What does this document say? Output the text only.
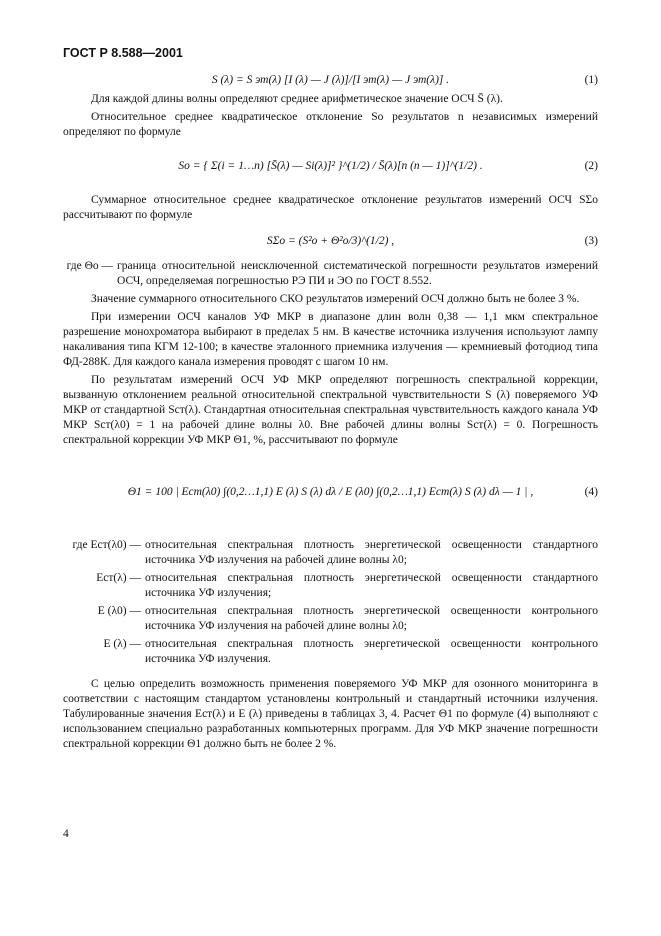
ГОСТ Р 8.588—2001
S (λ) = S эт(λ) [I (λ) — J (λ)]/[I эт(λ) — J эт(λ)] .	(1)

Для каждой длины волны определяют среднее арифметическое значение ОСЧ S̄ (λ).

Относительное среднее квадратическое отклонение Sо результатов n независимых измерений определяют по формуле

Sо = { Σ(i = 1…n) [S̄(λ) — Si(λ)]² }^(1/2) / S̄(λ)[n (n — 1)]^(1/2) .	(2)

Суммарное относительное среднее квадратическое отклонение результатов измерений ОСЧ SΣо рассчитывают по формуле

SΣо = (S²о + Θ²о/3)^(1/2) ,	(3)
где Θо — граница относительной неисключенной систематической погрешности результатов измерений ОСЧ, определяемая погрешностью РЭ ПИ и ЭО по ГОСТ 8.552.

Значение суммарного относительного СКО результатов измерений ОСЧ должно быть не более 3 %.

При измерении ОСЧ каналов УФ МКР в диапазоне длин волн 0,38 — 1,1 мкм спектральное разрешение монохроматора выбирают в пределах 5 нм. В качестве источника излучения используют лампу накаливания типа КГМ 12-100; в качестве эталонного приемника излучения — кремниевый фотодиод типа ФД-288К. Для каждого канала измерения проводят с шагом 10 нм.

По результатам измерений ОСЧ УФ МКР определяют погрешность спектральной коррекции, вызванную отклонением реальной относительной спектральной чувствительности S (λ) поверяемого УФ МКР от стандартной Sст(λ). Стандартная относительная спектральная чувствительность каждого канала УФ МКР Sст(λ0) = 1 на рабочей длине волны λ0. Вне рабочей длины волны Sст(λ) = 0. Погрешность спектральной коррекции УФ МКР Θ1, %, рассчитывают по формуле

Θ1 = 100 | Eст(λ0) ∫(0,2…1,1) E (λ) S (λ) dλ / E (λ0) ∫(0,2…1,1) Eст(λ) S (λ) dλ — 1 | ,	(4)
где Eст(λ0) — относительная спектральная плотность энергетической освещенности стандартного источника УФ излучения на рабочей длине волны λ0;
Eст(λ) — относительная спектральная плотность энергетической освещенности стандартного источника УФ излучения;
E (λ0) — относительная спектральная плотность энергетической освещенности контрольного источника УФ излучения на рабочей длине волны λ0;
E (λ) — относительная спектральная плотность энергетической освещенности контрольного источника УФ излучения.

С целью определить возможность применения поверяемого УФ МКР для озонного мониторинга в соответствии с настоящим стандартом установлены контрольный и стандартный источники излучения. Табулированные значения Eст(λ) и E (λ) приведены в таблицах 3, 4. Расчет Θ1 по формуле (4) выполняют с использованием специально разработанных компьютерных программ. Для УФ МКР значение погрешности спектральной коррекции Θ1 должно быть не более 2 %.

4
